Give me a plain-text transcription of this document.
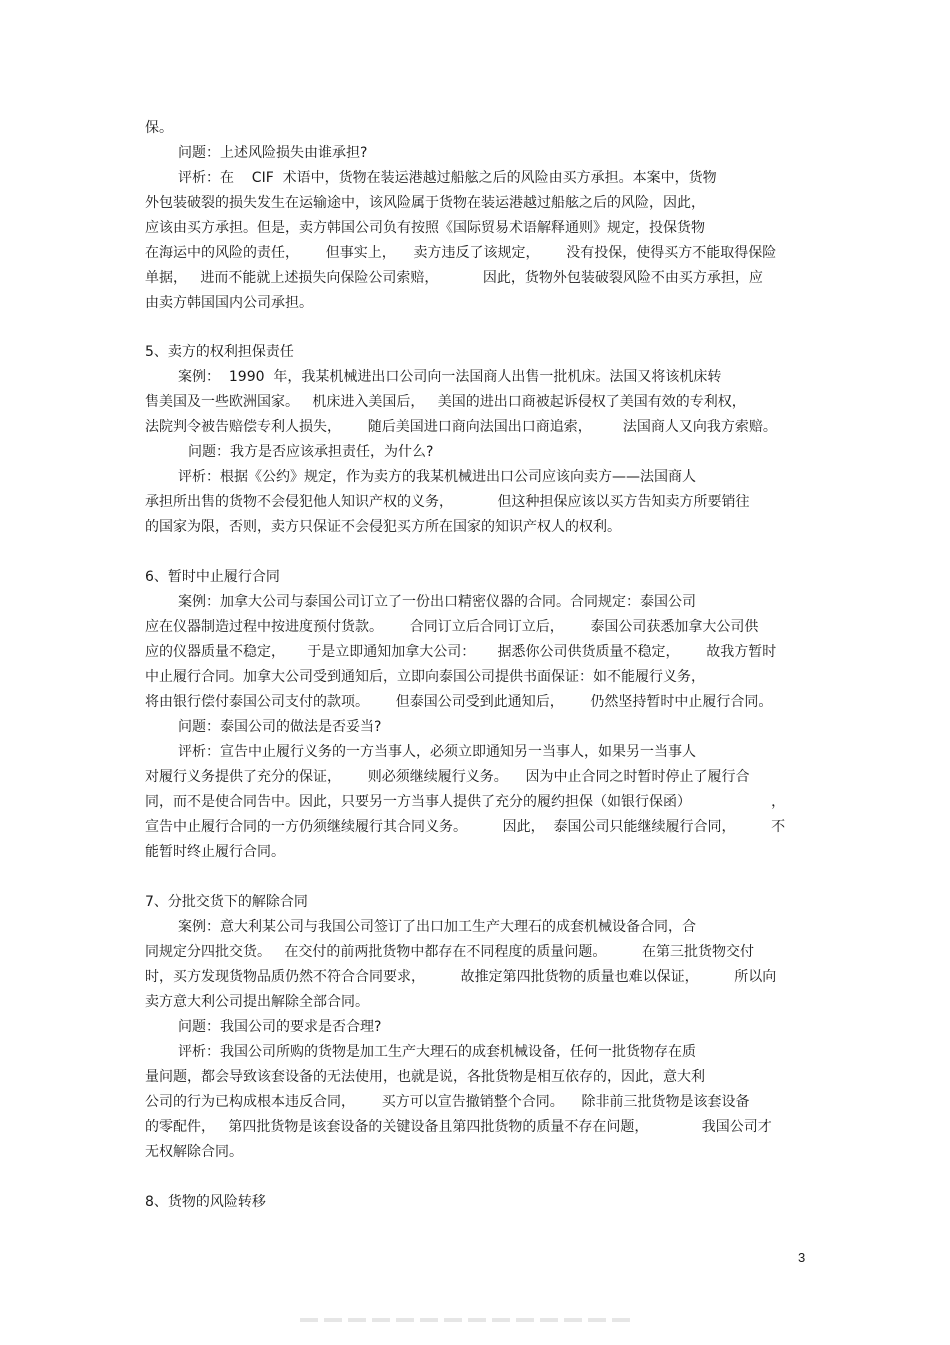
保。
问题：上述风险损失由谁承担?
评析：在    CIF  术语中，货物在装运港越过船舷之后的风险由买方承担。本案中，货物
外包装破裂的损失发生在运输途中，该风险属于货物在装运港越过船舷之后的风险，因此，
应该由买方承担。但是，卖方韩国公司负有按照《国际贸易术语解释通则》规定，投保货物
在海运中的风险的责任，      但事实上，    卖方违反了该规定，      没有投保，使得买方不能取得保险
单据，   进而不能就上述损失向保险公司索赔，          因此，货物外包装破裂风险不由买方承担，应
由卖方韩国国内公司承担。
5、卖方的权利担保责任
案例：  1990  年，我某机械进出口公司向一法国商人出售一批机床。法国又将该机床转
售美国及一些欧洲国家。   机床进入美国后，   美国的进出口商被起诉侵权了美国有效的专利权，
法院判令被告赔偿专利人损失，      随后美国进口商向法国出口商追索，       法国商人又向我方索赔。
问题：我方是否应该承担责任，为什么?
评析：根据《公约》规定，作为卖方的我某机械进出口公司应该向卖方——法国商人
承担所出售的货物不会侵犯他人知识产权的义务，          但这种担保应该以买方告知卖方所要销往
的国家为限，否则，卖方只保证不会侵犯买方所在国家的知识产权人的权利。
6、暂时中止履行合同
案例：加拿大公司与泰国公司订立了一份出口精密仪器的合同。合同规定：泰国公司
应在仪器制造过程中按进度预付货款。      合同订立后合同订立后，      泰国公司获悉加拿大公司供
应的仪器质量不稳定，     于是立即通知加拿大公司：     据悉你公司供货质量不稳定，      故我方暂时
中止履行合同。加拿大公司受到通知后，立即向泰国公司提供书面保证：如不能履行义务，
将由银行偿付泰国公司支付的款项。      但泰国公司受到此通知后，      仍然坚持暂时中止履行合同。
问题：泰国公司的做法是否妥当?
评析：宣告中止履行义务的一方当事人，必须立即通知另一当事人，如果另一当事人
对履行义务提供了充分的保证，      则必须继续履行义务。    因为中止合同之时暂时停止了履行合
同，而不是使合同告中。因此，只要另一方当事人提供了充分的履约担保（如银行保函）                  ，
宣告中止履行合同的一方仍须继续履行其合同义务。        因此，  泰国公司只能继续履行合同，        不
能暂时终止履行合同。
7、分批交货下的解除合同
案例：意大利某公司与我国公司签订了出口加工生产大理石的成套机械设备合同，合
同规定分四批交货。   在交付的前两批货物中都存在不同程度的质量问题。        在第三批货物交付
时，买方发现货物品质仍然不符合合同要求，        故推定第四批货物的质量也难以保证，        所以向
卖方意大利公司提出解除全部合同。
问题：我国公司的要求是否合理?
评析：我国公司所购的货物是加工生产大理石的成套机械设备，任何一批货物存在质
量问题，都会导致该套设备的无法使用，也就是说，各批货物是相互依存的，因此，意大利
公司的行为已构成根本违反合同，      买方可以宣告撤销整个合同。    除非前三批货物是该套设备
的零配件，   第四批货物是该套设备的关键设备且第四批货物的质量不存在问题，            我国公司才
无权解除合同。
8、货物的风险转移
3
